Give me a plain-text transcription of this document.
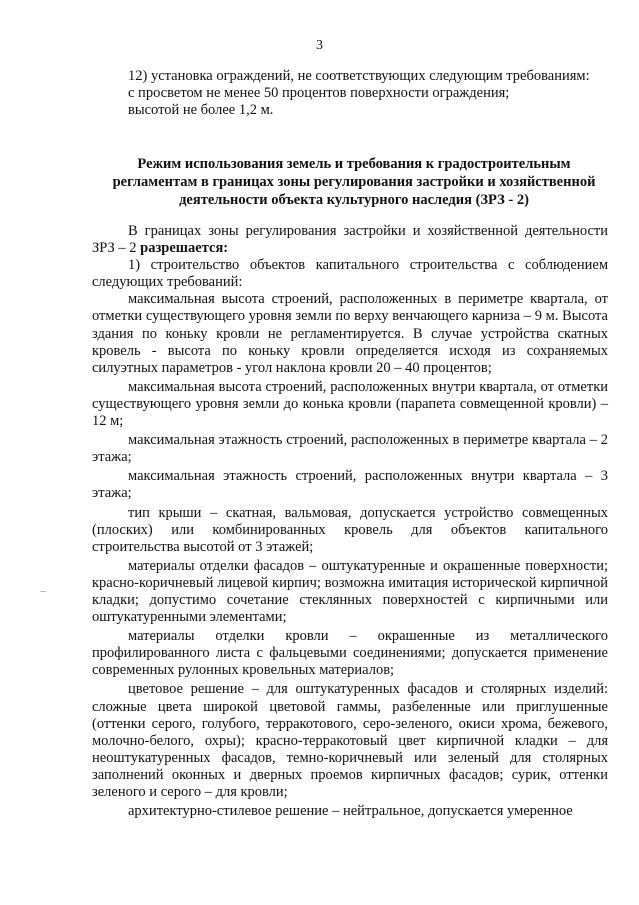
3
12) установка ограждений, не соответствующих следующим требованиям:
с просветом не менее 50 процентов поверхности ограждения;
высотой не более 1,2 м.
Режим использования земель и требования к градостроительным
регламентам в границах зоны регулирования застройки и хозяйственной
деятельности объекта культурного наследия (ЗРЗ - 2)

В границах зоны регулирования застройки и хозяйственной деятельности ЗРЗ – 2 разрешается:

1) строительство объектов капитального строительства с соблюдением следующих требований:

максимальная высота строений, расположенных в периметре квартала, от отметки существующего уровня земли по верху венчающего карниза – 9 м. Высота здания по коньку кровли не регламентируется. В случае устройства скатных кровель - высота по коньку кровли определяется исходя из сохраняемых силуэтных параметров - угол наклона кровли 20 – 40 процентов;

максимальная высота строений, расположенных внутри квартала, от отметки существующего уровня земли до конька кровли (парапета совмещенной кровли) – 12 м;

максимальная этажность строений, расположенных в периметре квартала – 2 этажа;

максимальная этажность строений, расположенных внутри квартала – 3 этажа;

тип крыши – скатная, вальмовая, допускается устройство совмещенных (плоских) или комбинированных кровель для объектов капитального строительства высотой от 3 этажей;

материалы отделки фасадов – оштукатуренные и окрашенные поверхности; красно-коричневый лицевой кирпич; возможна имитация исторической кирпичной кладки; допустимо сочетание стеклянных поверхностей с кирпичными или оштукатуренными элементами;

материалы отделки кровли – окрашенные из металлического профилированного листа с фальцевыми соединениями; допускается применение современных рулонных кровельных материалов;

цветовое решение – для оштукатуренных фасадов и столярных изделий: сложные цвета широкой цветовой гаммы, разбеленные или приглушенные (оттенки серого, голубого, терракотового, серо-зеленого, окиси хрома, бежевого, молочно-белого, охры); красно-терракотовый цвет кирпичной кладки – для неоштукатуренных фасадов, темно-коричневый или зеленый для столярных заполнений оконных и дверных проемов кирпичных фасадов; сурик, оттенки зеленого и серого – для кровли;

архитектурно-стилевое решение – нейтральное, допускается умеренное
